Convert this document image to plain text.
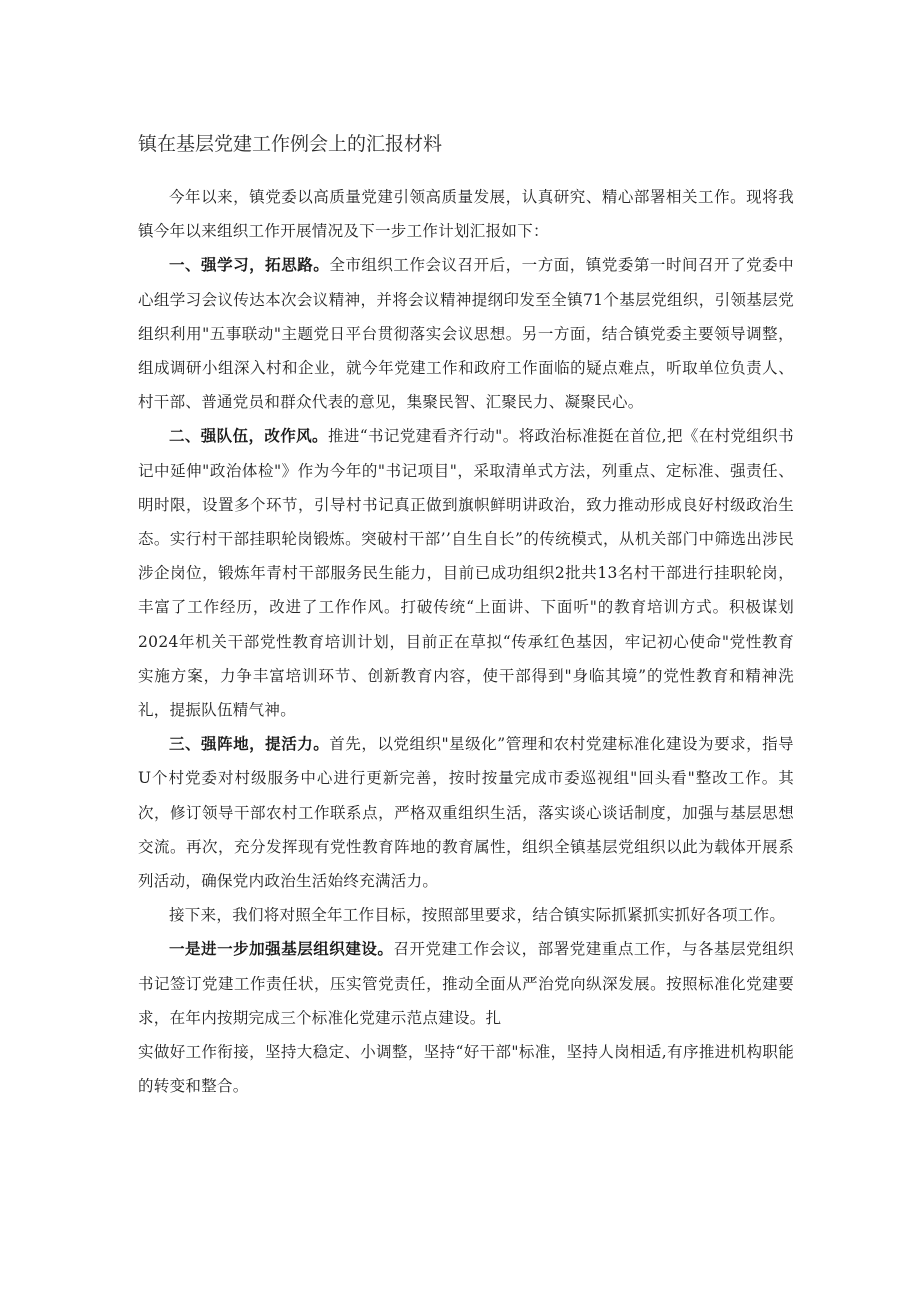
镇在基层党建工作例会上的汇报材料

今年以来，镇党委以高质量党建引领高质量发展，认真研究、精心部署相关工作。现将我镇今年以来组织工作开展情况及下一步工作计划汇报如下：

一、强学习，拓思路。全市组织工作会议召开后，一方面，镇党委第一时间召开了党委中心组学习会议传达本次会议精神，并将会议精神提纲印发至全镇71个基层党组织，引领基层党组织利用"五事联动"主题党日平台贯彻落实会议思想。另一方面，结合镇党委主要领导调整，组成调研小组深入村和企业，就今年党建工作和政府工作面临的疑点难点，听取单位负责人、村干部、普通党员和群众代表的意见，集聚民智、汇聚民力、凝聚民心。

二、强队伍，改作风。推进“书记党建看齐行动"。将政治标准挺在首位,把《在村党组织书记中延伸"政治体检"》作为今年的"书记项目"，采取清单式方法，列重点、定标准、强责任、明时限，设置多个环节，引导村书记真正做到旗帜鲜明讲政治，致力推动形成良好村级政治生态。实行村干部挂职轮岗锻炼。突破村干部’’自生自长”的传统模式，从机关部门中筛选出涉民涉企岗位，锻炼年青村干部服务民生能力，目前已成功组织2批共13名村干部进行挂职轮岗，丰富了工作经历，改进了工作作风。打破传统“上面讲、下面听"的教育培训方式。积极谋划2024年机关干部党性教育培训计划，目前正在草拟“传承红色基因，牢记初心使命"党性教育实施方案，力争丰富培训环节、创新教育内容，使干部得到"身临其境”的党性教育和精神洗礼，提振队伍精气神。

三、强阵地，提活力。首先，以党组织"星级化”管理和农村党建标准化建设为要求，指导U个村党委对村级服务中心进行更新完善，按时按量完成市委巡视组"回头看"整改工作。其次，修订领导干部农村工作联系点，严格双重组织生活，落实谈心谈话制度，加强与基层思想交流。再次，充分发挥现有党性教育阵地的教育属性，组织全镇基层党组织以此为载体开展系列活动，确保党内政治生活始终充满活力。

接下来，我们将对照全年工作目标，按照部里要求，结合镇实际抓紧抓实抓好各项工作。

一是进一步加强基层组织建设。召开党建工作会议，部署党建重点工作，与各基层党组织书记签订党建工作责任状，压实管党责任，推动全面从严治党向纵深发展。按照标准化党建要求，在年内按期完成三个标准化党建示范点建设。扎

实做好工作衔接，坚持大稳定、小调整，坚持“好干部"标准，坚持人岗相适,有序推进机构职能的转变和整合。
